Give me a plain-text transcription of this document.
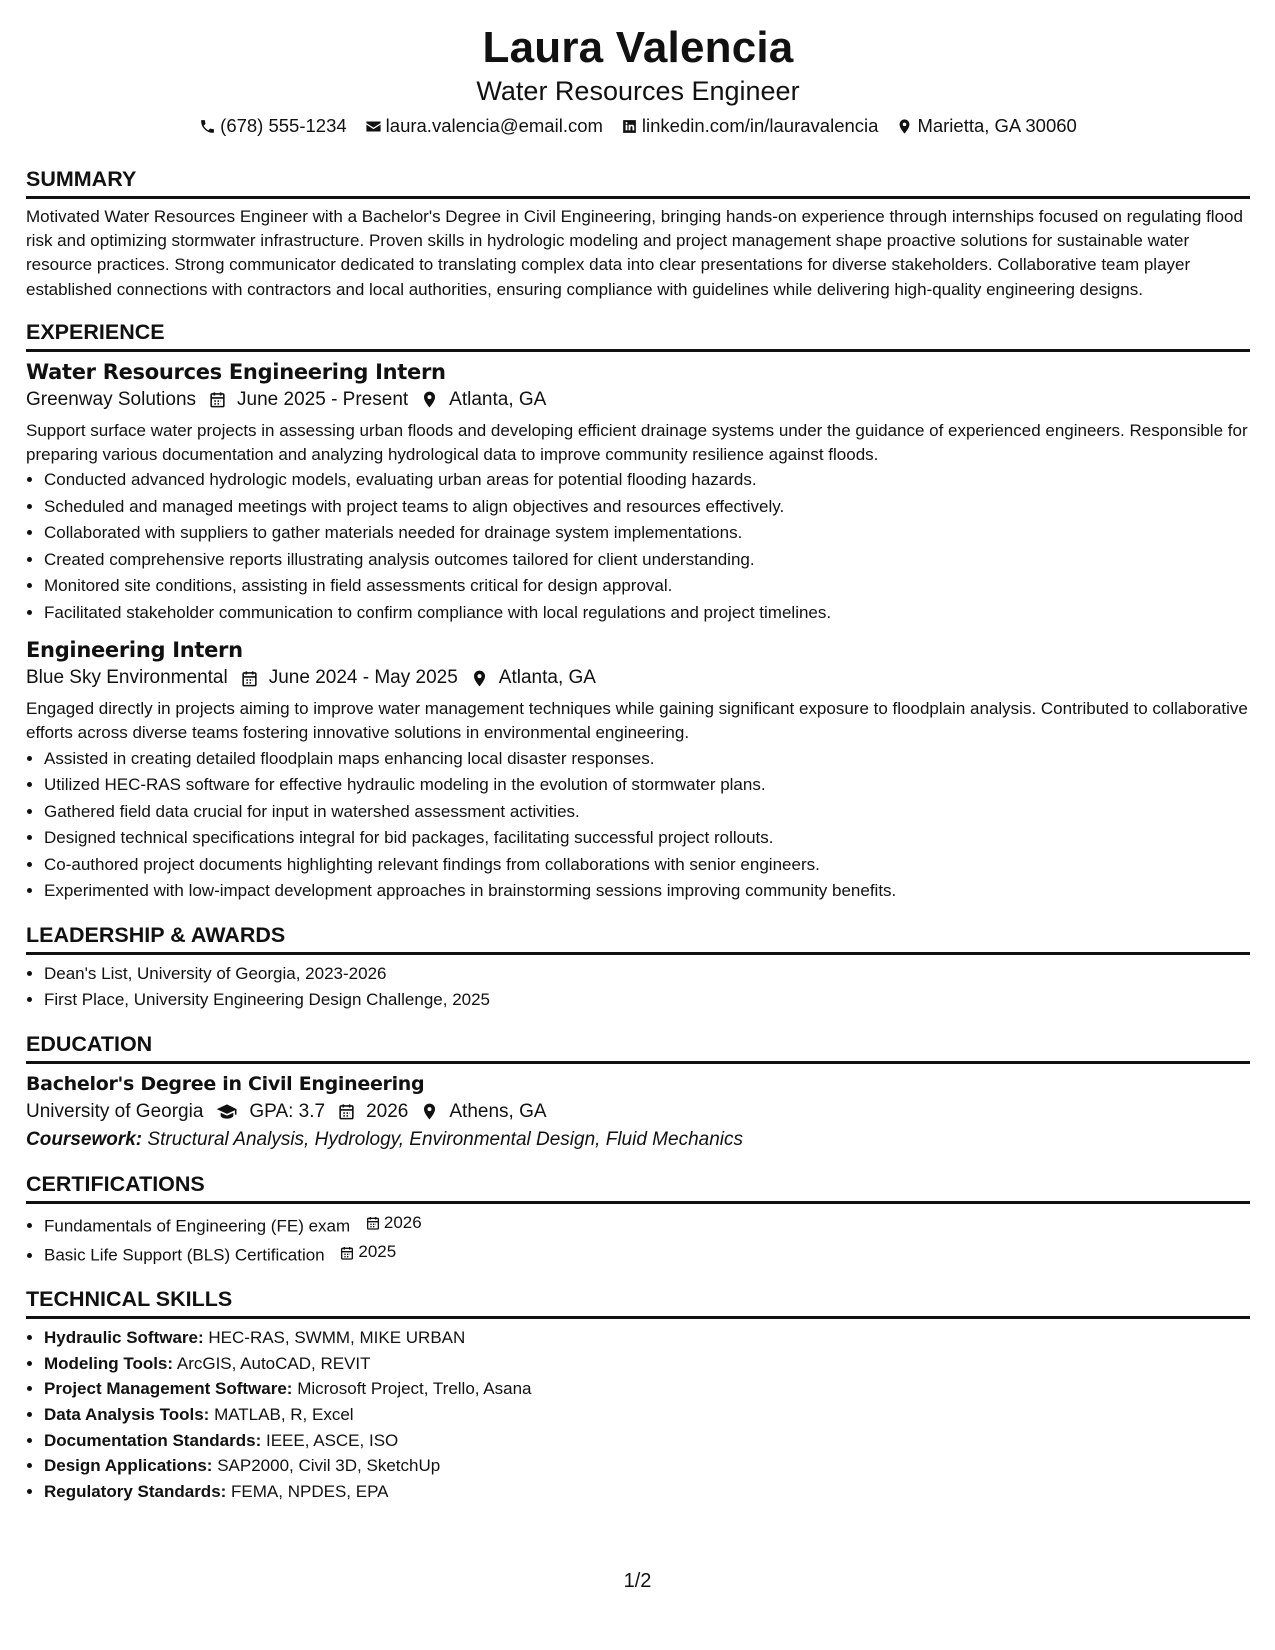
Laura Valencia
Water Resources Engineer
(678) 555-1234 laura.valencia@email.com linkedin.com/in/lauravalencia Marietta, GA 30060
SUMMARY
Motivated Water Resources Engineer with a Bachelor's Degree in Civil Engineering, bringing hands-on experience through internships focused on regulating flood risk and optimizing stormwater infrastructure. Proven skills in hydrologic modeling and project management shape proactive solutions for sustainable water resource practices. Strong communicator dedicated to translating complex data into clear presentations for diverse stakeholders. Collaborative team player established connections with contractors and local authorities, ensuring compliance with guidelines while delivering high-quality engineering designs.
EXPERIENCE
Water Resources Engineering Intern
Greenway Solutions June 2025 - Present Atlanta, GA
Support surface water projects in assessing urban floods and developing efficient drainage systems under the guidance of experienced engineers. Responsible for preparing various documentation and analyzing hydrological data to improve community resilience against floods.
• Conducted advanced hydrologic models, evaluating urban areas for potential flooding hazards.
• Scheduled and managed meetings with project teams to align objectives and resources effectively.
• Collaborated with suppliers to gather materials needed for drainage system implementations.
• Created comprehensive reports illustrating analysis outcomes tailored for client understanding.
• Monitored site conditions, assisting in field assessments critical for design approval.
• Facilitated stakeholder communication to confirm compliance with local regulations and project timelines.
Engineering Intern
Blue Sky Environmental June 2024 - May 2025 Atlanta, GA
Engaged directly in projects aiming to improve water management techniques while gaining significant exposure to floodplain analysis. Contributed to collaborative efforts across diverse teams fostering innovative solutions in environmental engineering.
• Assisted in creating detailed floodplain maps enhancing local disaster responses.
• Utilized HEC-RAS software for effective hydraulic modeling in the evolution of stormwater plans.
• Gathered field data crucial for input in watershed assessment activities.
• Designed technical specifications integral for bid packages, facilitating successful project rollouts.
• Co-authored project documents highlighting relevant findings from collaborations with senior engineers.
• Experimented with low-impact development approaches in brainstorming sessions improving community benefits.
LEADERSHIP & AWARDS
• Dean's List, University of Georgia, 2023-2026
• First Place, University Engineering Design Challenge, 2025
EDUCATION
Bachelor's Degree in Civil Engineering
University of Georgia GPA: 3.7 2026 Athens, GA
Coursework: Structural Analysis, Hydrology, Environmental Design, Fluid Mechanics
CERTIFICATIONS
• Fundamentals of Engineering (FE) exam 2026
• Basic Life Support (BLS) Certification 2025
TECHNICAL SKILLS
• Hydraulic Software: HEC-RAS, SWMM, MIKE URBAN
• Modeling Tools: ArcGIS, AutoCAD, REVIT
• Project Management Software: Microsoft Project, Trello, Asana
• Data Analysis Tools: MATLAB, R, Excel
• Documentation Standards: IEEE, ASCE, ISO
• Design Applications: SAP2000, Civil 3D, SketchUp
• Regulatory Standards: FEMA, NPDES, EPA
1/2
